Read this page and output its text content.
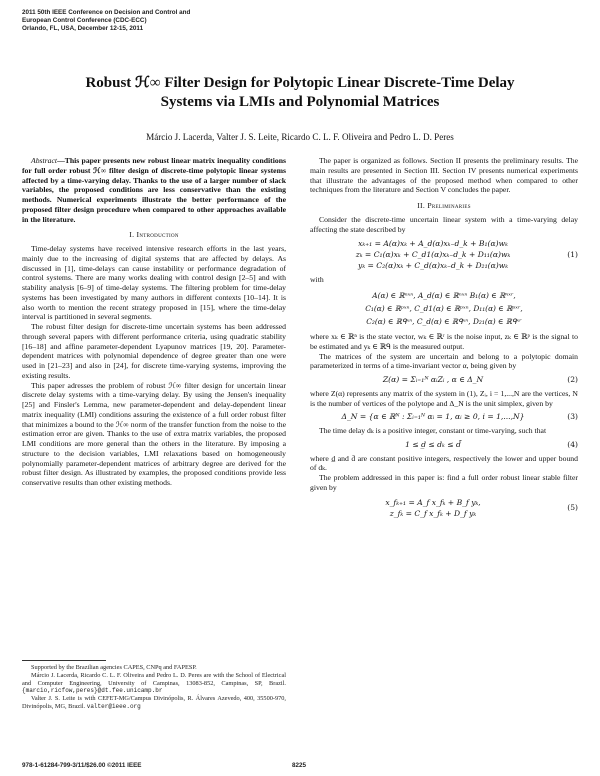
2011 50th IEEE Conference on Decision and Control and
European Control Conference (CDC-ECC)
Orlando, FL, USA, December 12-15, 2011
Robust ℋ∞ Filter Design for Polytopic Linear Discrete-Time Delay
Systems via LMIs and Polynomial Matrices
Márcio J. Lacerda, Valter J. S. Leite, Ricardo C. L. F. Oliveira and Pedro L. D. Peres

Abstract—This paper presents new robust linear matrix inequality conditions for full order robust ℋ∞ filter design of discrete-time polytopic linear systems affected by a time-varying delay. Thanks to the use of a larger number of slack variables, the proposed conditions are less conservative than the existing methods. Numerical experiments illustrate the better performance of the proposed filter design procedure when compared to other approaches available in the literature.

I. Introduction

Time-delay systems have received intensive research efforts in the last years, mainly due to the increasing of digital systems that are affected by delays. As discussed in [1], time-delays can cause instability or performance degradation of control systems. There are many works dealing with control design [2–5] and with stability analysis [6–9] of time-delay systems. The filtering problem for time-delay systems has been investigated by many authors in different contexts [10–14]. It is also worth to mention the recent strategy proposed in [15], where the time-delay interval is partitioned in several segments.

The robust filter design for discrete-time uncertain systems has been addressed through several papers with different performance criteria, using quadratic stability [16–18] and affine parameter-dependent Lyapunov matrices [19, 20]. Parameter-dependent matrices with polynomial dependence of degree greater than one were used in [21–23] and also in [24], for discrete time-varying systems, improving the existing results.

This paper adresses the problem of robust ℋ∞ filter design for uncertain linear discrete delay systems with a time-varying delay. By using the Jensen's inequality [25] and Finsler's Lemma, new parameter-dependent and delay-dependent linear matrix inequality (LMI) conditions assuring the existence of a full order robust filter that minimizes a bound to the ℋ∞ norm of the transfer function from the noise to the estimation error are given. Thanks to the use of extra matrix variables, the proposed LMI conditions are more general than the others in the literature. By imposing a structure to the decision variables, LMI relaxations based on homogeneously polynomially parameter-dependent matrices of arbitrary degree are derived for the robust filter design. As illustrated by examples, the proposed conditions provide less conservative results than other existing methods.

Supported by the Brazilian agencies CAPES, CNPq and FAPESP.

Márcio J. Lacerda, Ricardo C. L. F. Oliveira and Pedro L. D. Peres are with the School of Electrical and Computer Engineering, University of Campinas, 13083-852, Campinas, SP, Brazil. {marcio,ricfow,peres}@dt.fee.unicamp.br

Valter J. S. Leite is with CEFET-MG/Campus Divinópolis, R. Álvares Azevedo, 400, 35500-970, Divinópolis, MG, Brazil. valter@ieee.org

The paper is organized as follows. Section II presents the preliminary results. The main results are presented in Section III. Section IV presents numerical experiments that illustrate the advantages of the proposed method when compared to other techniques from the literature and Section V concludes the paper.

II. Preliminaries

Consider the discrete-time uncertain linear system with a time-varying delay affecting the state described by

xₖ₊₁ = A(α)xₖ + A_d(α)xₖ₋d_k + B₁(α)wₖ
zₖ = C₁(α)xₖ + C_d1(α)xₖ₋d_k + D₁₁(α)wₖ
yₖ = C₂(α)xₖ + C_d(α)xₖ₋d_k + D₂₁(α)wₖ
(1)

with

A(α) ∈ ℝⁿˣⁿ, A_d(α) ∈ ℝⁿˣⁿ B₁(α) ∈ ℝⁿˣʳ,
C₁(α) ∈ ℝᵖˣⁿ, C_d1(α) ∈ ℝᵖˣⁿ, D₁₁(α) ∈ ℝᵖˣʳ,
C₂(α) ∈ ℝᑫˣⁿ, C_d(α) ∈ ℝᑫˣⁿ, D₂₁(α) ∈ ℝᑫˣʳ

where xₖ ∈ ℝⁿ is the state vector, wₖ ∈ ℝʳ is the noise input, zₖ ∈ ℝᵖ is the signal to be estimated and yₖ ∈ ℝᑫ is the measured output.

The matrices of the system are uncertain and belong to a polytopic domain parameterized in terms of a time-invariant vector α, being given by

Z(α) = Σᵢ₌₁ᴺ αᵢZᵢ , α ∈ Δ_N	(2)

where Z(α) represents any matrix of the system in (1), Zᵢ, i = 1,...,N are the vertices, N is the number of vertices of the polytope and Δ_N is the unit simplex, given by

Δ_N = {α ∈ ℝᴺ : Σᵢ₌₁ᴺ αᵢ = 1, αᵢ ≥ 0, i = 1,...,N}	(3)

The time delay dₖ is a positive integer, constant or time-varying, such that

1 ≤ d̲ ≤ dₖ ≤ d̄	(4)

where d̲ and d̄ are constant positive integers, respectively the lower and upper bound of dₖ.

The problem addressed in this paper is: find a full order robust linear stable filter given by

x_fₖ₊₁ = A_f x_fₖ + B_f yₖ,
z_fₖ = C_f x_fₖ + D_f yₖ
(5)
978-1-61284-799-3/11/$26.00 ©2011 IEEE	8225
